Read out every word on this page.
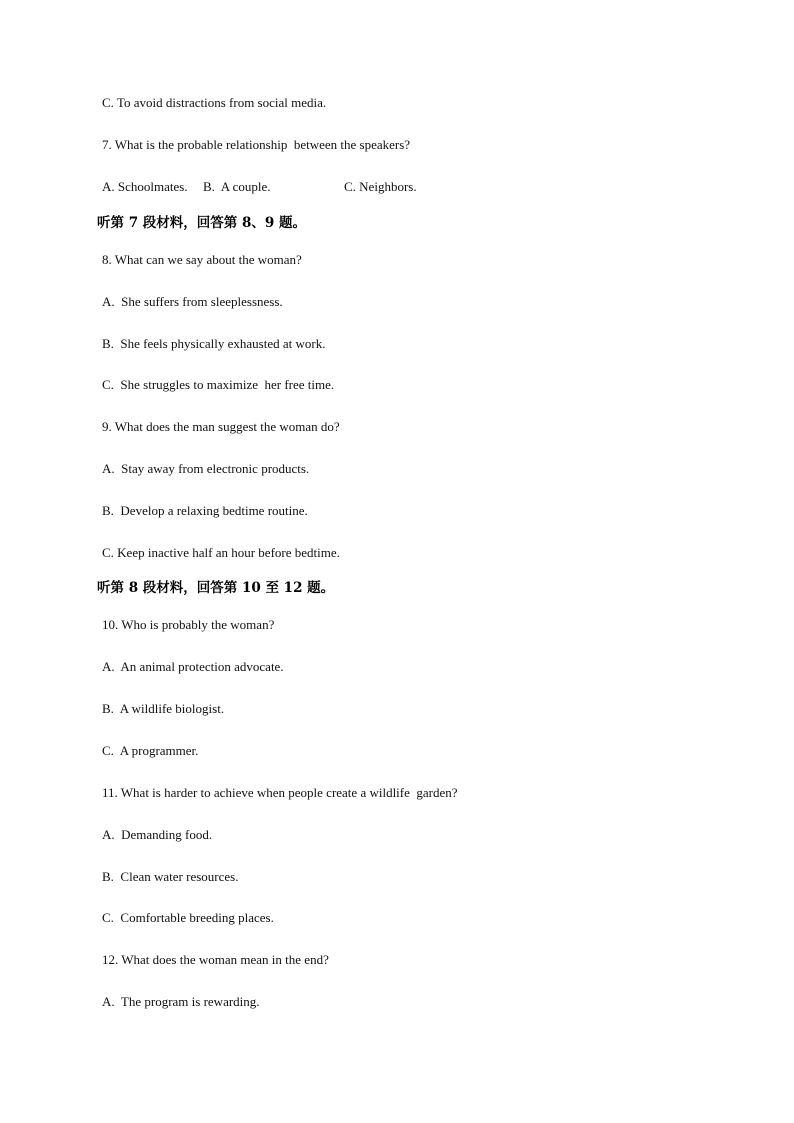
C. To avoid distractions from social media.
7. What is the probable relationship  between the speakers?
A. Schoolmates. B.  A couple.	C. Neighbors.
听第 7 段材料，回答第 8、9 题。
8. What can we say about the woman?
A.  She suffers from sleeplessness.
B.  She feels physically exhausted at work.
C.  She struggles to maximize  her free time.
9. What does the man suggest the woman do?
A.  Stay away from electronic products.
B.  Develop a relaxing bedtime routine.
C. Keep inactive half an hour before bedtime.
听第 8 段材料，回答第 10 至 12 题。
10. Who is probably the woman?
A.  An animal protection advocate.
B.  A wildlife biologist.
C.  A programmer.
11. What is harder to achieve when people create a wildlife  garden?
A.  Demanding food.
B.  Clean water resources.
C.  Comfortable breeding places.
12. What does the woman mean in the end?
A.  The program is rewarding.
